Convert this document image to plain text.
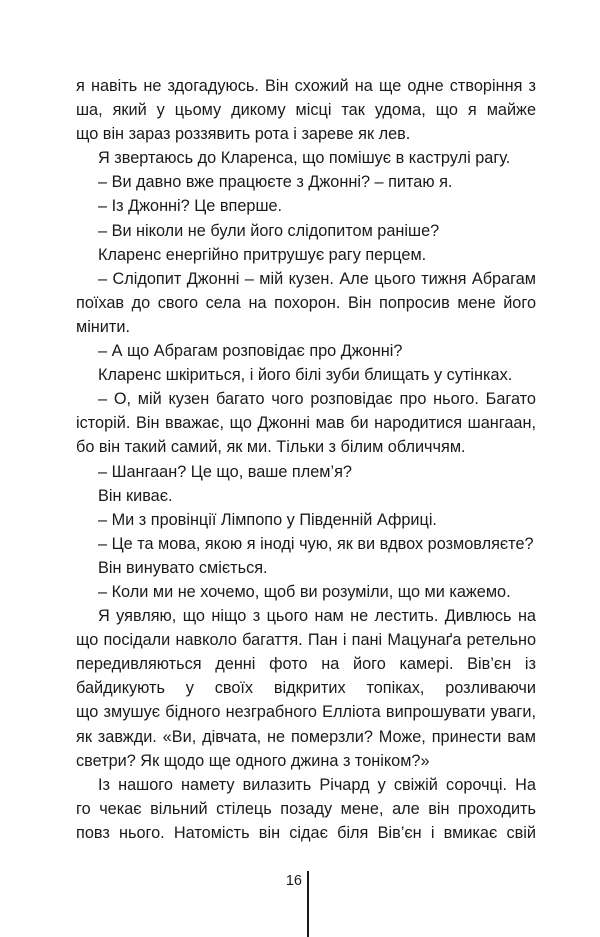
я навіть не здогадуюсь. Він схожий на ще одне створіння з
ша, який у цьому дикому місці так удома, що я майже
що він зараз роззявить рота і зареве як лев.
Я звертаюсь до Кларенса, що помішує в каструлі рагу.
– Ви давно вже працюєте з Джонні? – питаю я.
– Із Джонні? Це вперше.
– Ви ніколи не були його слідопитом раніше?
Кларенс енергійно притрушує рагу перцем.
– Слідопит Джонні – мій кузен. Але цього тижня Абрагам
поїхав до свого села на похорон. Він попросив мене його
мінити.
– А що Абрагам розповідає про Джонні?
Кларенс шкіриться, і його білі зуби блищать у сутінках.
– О, мій кузен багато чого розповідає про нього. Багато
історій. Він вважає, що Джонні мав би народитися шангаан,
бо він такий самий, як ми. Тільки з білим обличчям.
– Шангаан? Це що, ваше плем’я?
Він киває.
– Ми з провінції Лімпопо у Південній Африці.
– Це та мова, якою я іноді чую, як ви вдвох розмовляєте?
Він винувато сміється.
– Коли ми не хочемо, щоб ви розуміли, що ми кажемо.
Я уявляю, що ніщо з цього нам не лестить. Дивлюсь на
що посідали навколо багаття. Пан і пані Мацунаґа ретельно
передивляються денні фото на його камері. Вів’єн із
байдикують у своїх відкритих топіках, розливаючи
що змушує бідного незграбного Елліота випрошувати уваги,
як завжди. «Ви, дівчата, не померзли? Може, принести вам
светри? Як щодо ще одного джина з тоніком?»
Із нашого намету вилазить Річард у свіжій сорочці. На
го чекає вільний стілець позаду мене, але він проходить
повз нього. Натомість він сідає біля Вів’єн і вмикає свій
16
